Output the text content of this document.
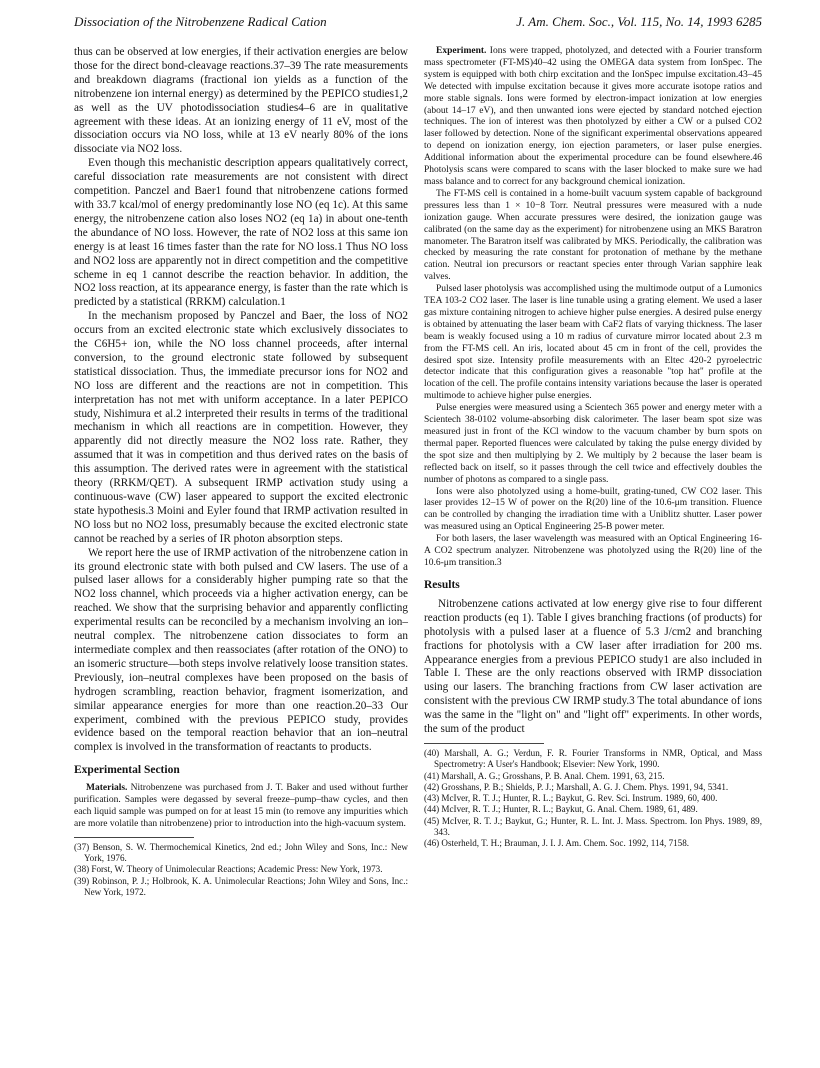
Dissociation of the Nitrobenzene Radical Cation	J. Am. Chem. Soc., Vol. 115, No. 14, 1993 6285

thus can be observed at low energies, if their activation energies are below those for the direct bond-cleavage reactions.37–39 The rate measurements and breakdown diagrams (fractional ion yields as a function of the nitrobenzene ion internal energy) as determined by the PEPICO studies1,2 as well as the UV photodissociation studies4–6 are in qualitative agreement with these ideas. At an ionizing energy of 11 eV, most of the dissociation occurs via NO loss, while at 13 eV nearly 80% of the ions dissociate via NO2 loss.

Even though this mechanistic description appears qualitatively correct, careful dissociation rate measurements are not consistent with direct competition. Panczel and Baer1 found that nitrobenzene cations formed with 33.7 kcal/mol of energy predominantly lose NO (eq 1c). At this same energy, the nitrobenzene cation also loses NO2 (eq 1a) in about one-tenth the abundance of NO loss. However, the rate of NO2 loss at this same ion energy is at least 16 times faster than the rate for NO loss.1 Thus NO loss and NO2 loss are apparently not in direct competition and the competitive scheme in eq 1 cannot describe the reaction behavior. In addition, the NO2 loss reaction, at its appearance energy, is faster than the rate which is predicted by a statistical (RRKM) calculation.1

In the mechanism proposed by Panczel and Baer, the loss of NO2 occurs from an excited electronic state which exclusively dissociates to the C6H5+ ion, while the NO loss channel proceeds, after internal conversion, to the ground electronic state followed by subsequent statistical dissociation. Thus, the immediate precursor ions for NO2 and NO loss are different and the reactions are not in competition. This interpretation has not met with uniform acceptance. In a later PEPICO study, Nishimura et al.2 interpreted their results in terms of the traditional mechanism in which all reactions are in competition. However, they apparently did not directly measure the NO2 loss rate. Rather, they assumed that it was in competition and thus derived rates on the basis of this assumption. The derived rates were in agreement with the statistical theory (RRKM/QET). A subsequent IRMP activation study using a continuous-wave (CW) laser appeared to support the excited electronic state hypothesis.3 Moini and Eyler found that IRMP activation resulted in NO loss but no NO2 loss, presumably because the excited electronic state cannot be reached by a series of IR photon absorption steps.

We report here the use of IRMP activation of the nitrobenzene cation in its ground electronic state with both pulsed and CW lasers. The use of a pulsed laser allows for a considerably higher pumping rate so that the NO2 loss channel, which proceeds via a higher activation energy, can be reached. We show that the surprising behavior and apparently conflicting experimental results can be reconciled by a mechanism involving an ion–neutral complex. The nitrobenzene cation dissociates to form an intermediate complex and then reassociates (after rotation of the ONO) to an isomeric structure—both steps involve relatively loose transition states. Previously, ion–neutral complexes have been proposed on the basis of hydrogen scrambling, reaction behavior, fragment isomerization, and similar appearance energies for more than one reaction.20–33 Our experiment, combined with the previous PEPICO study, provides evidence based on the temporal reaction behavior that an ion–neutral complex is involved in the transformation of reactants to products.

Experimental Section

Materials. Nitrobenzene was purchased from J. T. Baker and used without further purification. Samples were degassed by several freeze–pump–thaw cycles, and then each liquid sample was pumped on for at least 15 min (to remove any impurities which are more volatile than nitrobenzene) prior to introduction into the high-vacuum system.

(37) Benson, S. W. Thermochemical Kinetics, 2nd ed.; John Wiley and Sons, Inc.: New York, 1976.

(38) Forst, W. Theory of Unimolecular Reactions; Academic Press: New York, 1973.

(39) Robinson, P. J.; Holbrook, K. A. Unimolecular Reactions; John Wiley and Sons, Inc.: New York, 1972.

Experiment. Ions were trapped, photolyzed, and detected with a Fourier transform mass spectrometer (FT-MS)40–42 using the OMEGA data system from IonSpec. The system is equipped with both chirp excitation and the IonSpec impulse excitation.43–45 We detected with impulse excitation because it gives more accurate isotope ratios and more stable signals. Ions were formed by electron-impact ionization at low energies (about 14–17 eV), and then unwanted ions were ejected by standard notched ejection techniques. The ion of interest was then photolyzed by either a CW or a pulsed CO2 laser followed by detection. None of the significant experimental observations appeared to depend on ionization energy, ion ejection parameters, or laser pulse energies. Additional information about the experimental procedure can be found elsewhere.46 Photolysis scans were compared to scans with the laser blocked to make sure we had mass balance and to correct for any background chemical ionization.

The FT-MS cell is contained in a home-built vacuum system capable of background pressures less than 1 × 10−8 Torr. Neutral pressures were measured with a nude ionization gauge. When accurate pressures were desired, the ionization gauge was calibrated (on the same day as the experiment) for nitrobenzene using an MKS Baratron manometer. The Baratron itself was calibrated by MKS. Periodically, the calibration was checked by measuring the rate constant for protonation of methane by the methane cation. Neutral ion precursors or reactant species enter through Varian sapphire leak valves.

Pulsed laser photolysis was accomplished using the multimode output of a Lumonics TEA 103-2 CO2 laser. The laser is line tunable using a grating element. We used a laser gas mixture containing nitrogen to achieve higher pulse energies. A desired pulse energy is obtained by attenuating the laser beam with CaF2 flats of varying thickness. The laser beam is weakly focused using a 10 m radius of curvature mirror located about 2.3 m from the FT-MS cell. An iris, located about 45 cm in front of the cell, provides the desired spot size. Intensity profile measurements with an Eltec 420-2 pyroelectric detector indicate that this configuration gives a reasonable "top hat" profile at the location of the cell. The profile contains intensity variations because the laser is operated multimode to achieve higher pulse energies.

Pulse energies were measured using a Scientech 365 power and energy meter with a Scientech 38-0102 volume-absorbing disk calorimeter. The laser beam spot size was measured just in front of the KCl window to the vacuum chamber by burn spots on thermal paper. Reported fluences were calculated by taking the pulse energy divided by the spot size and then multiplying by 2. We multiply by 2 because the laser beam is reflected back on itself, so it passes through the cell twice and effectively doubles the number of photons as compared to a single pass.

Ions were also photolyzed using a home-built, grating-tuned, CW CO2 laser. This laser provides 12–15 W of power on the R(20) line of the 10.6-μm transition. Fluence can be controlled by changing the irradiation time with a Uniblitz shutter. Laser power was measured using an Optical Engineering 25-B power meter.

For both lasers, the laser wavelength was measured with an Optical Engineering 16-A CO2 spectrum analyzer. Nitrobenzene was photolyzed using the R(20) line of the 10.6-μm transition.3

Results

Nitrobenzene cations activated at low energy give rise to four different reaction products (eq 1). Table I gives branching fractions (of products) for photolysis with a pulsed laser at a fluence of 5.3 J/cm2 and branching fractions for photolysis with a CW laser after irradiation for 200 ms. Appearance energies from a previous PEPICO study1 are also included in Table I. These are the only reactions observed with IRMP dissociation using our lasers. The branching fractions from CW laser activation are consistent with the previous CW IRMP study.3 The total abundance of ions was the same in the "light on" and "light off" experiments. In other words, the sum of the product

(40) Marshall, A. G.; Verdun, F. R. Fourier Transforms in NMR, Optical, and Mass Spectrometry: A User's Handbook; Elsevier: New York, 1990.

(41) Marshall, A. G.; Grosshans, P. B. Anal. Chem. 1991, 63, 215.

(42) Grosshans, P. B.; Shields, P. J.; Marshall, A. G. J. Chem. Phys. 1991, 94, 5341.

(43) McIver, R. T. J.; Hunter, R. L.; Baykut, G. Rev. Sci. Instrum. 1989, 60, 400.

(44) McIver, R. T. J.; Hunter, R. L.; Baykut, G. Anal. Chem. 1989, 61, 489.

(45) McIver, R. T. J.; Baykut, G.; Hunter, R. L. Int. J. Mass. Spectrom. Ion Phys. 1989, 89, 343.

(46) Osterheld, T. H.; Brauman, J. I. J. Am. Chem. Soc. 1992, 114, 7158.
